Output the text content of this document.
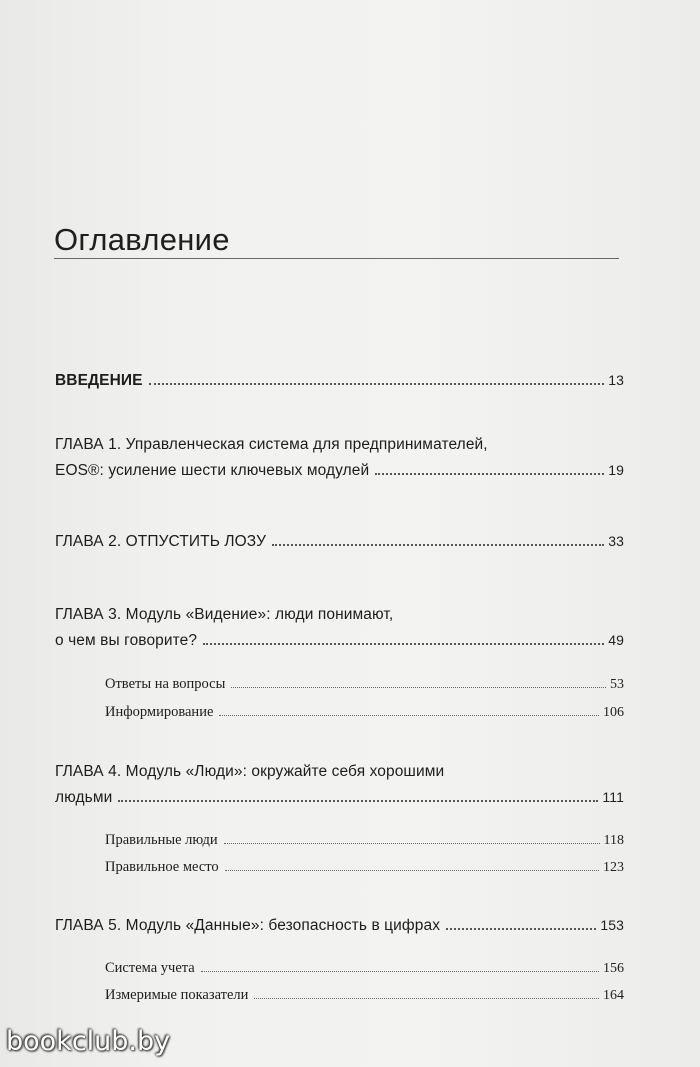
Оглавление
ВВЕДЕНИЕ	13
ГЛАВА 1. Управленческая система для предпринимателей,
EOS®: усиление шести ключевых модулей	19
ГЛАВА 2. ОТПУСТИТЬ ЛОЗУ	33
ГЛАВА 3. Модуль «Видение»: люди понимают,
о чем вы говорите?	49
Ответы на вопросы	53
Информирование	106
ГЛАВА 4. Модуль «Люди»: окружайте себя хорошими
людьми	111
Правильные люди	118
Правильное место	123
ГЛАВА 5. Модуль «Данные»: безопасность в цифрах	153
Система учета	156
Измеримые показатели	164
bookclub.by
